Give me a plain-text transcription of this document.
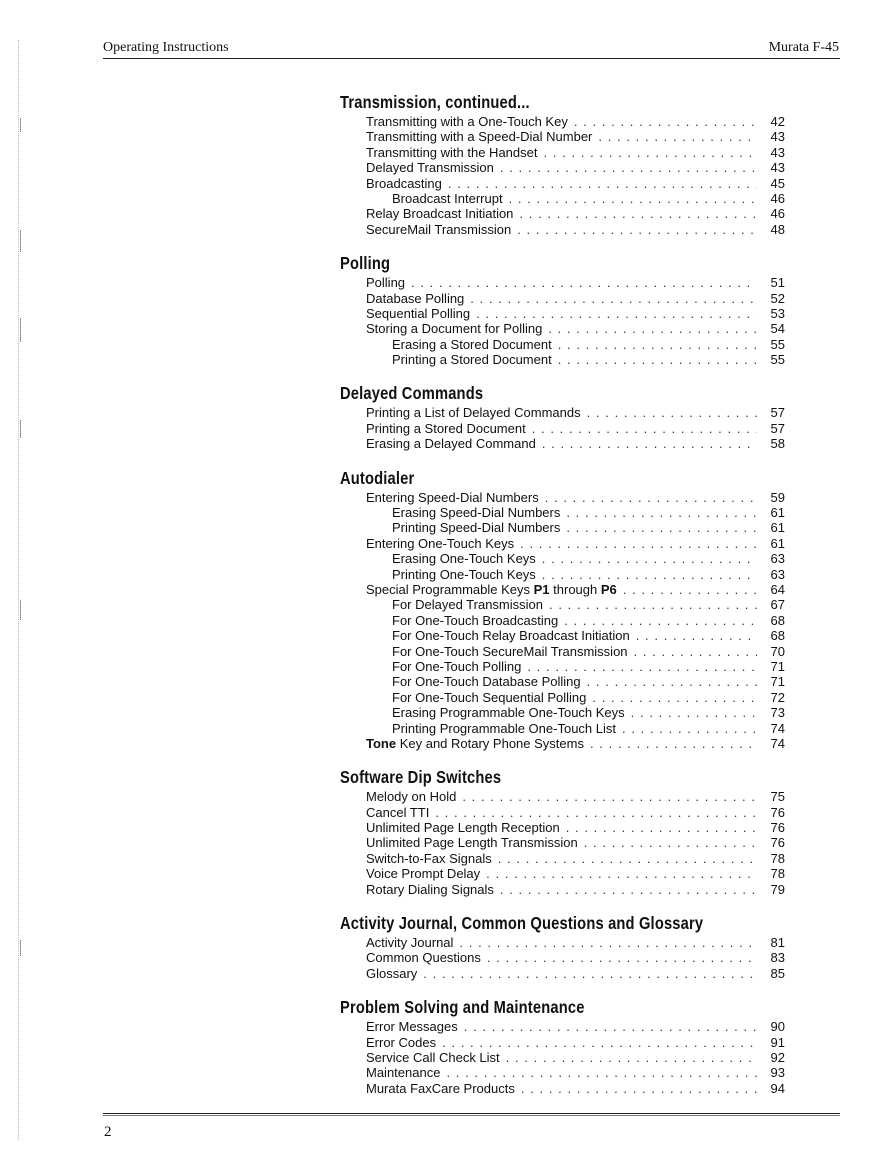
Operating Instructions	Murata F-45
Transmission, continued...
Transmitting with a One-Touch Key . . .	42
Transmitting with a Speed-Dial Number . . .	43
Transmitting with the Handset . . .	43
Delayed Transmission . . .	43
Broadcasting . . .	45
Broadcast Interrupt . . .	46
Relay Broadcast Initiation . . .	46
SecureMail Transmission . . .	48
Polling
Polling . . .	51
Database Polling . . .	52
Sequential Polling . . .	53
Storing a Document for Polling . . .	54
Erasing a Stored Document . . .	55
Printing a Stored Document . . .	55
Delayed Commands
Printing a List of Delayed Commands . . .	57
Printing a Stored Document . . .	57
Erasing a Delayed Command . . .	58
Autodialer
Entering Speed-Dial Numbers . . .	59
Erasing Speed-Dial Numbers . . .	61
Printing Speed-Dial Numbers . . .	61
Entering One-Touch Keys . . .	61
Erasing One-Touch Keys . . .	63
Printing One-Touch Keys . . .	63
Special Programmable Keys P1 through P6 . . .	64
For Delayed Transmission . . .	67
For One-Touch Broadcasting . . .	68
For One-Touch Relay Broadcast Initiation . . .	68
For One-Touch SecureMail Transmission . . .	70
For One-Touch Polling . . .	71
For One-Touch Database Polling . . .	71
For One-Touch Sequential Polling . . .	72
Erasing Programmable One-Touch Keys . . .	73
Printing Programmable One-Touch List . . .	74
Tone Key and Rotary Phone Systems . . .	74
Software Dip Switches
Melody on Hold . . .	75
Cancel TTI . . .	76
Unlimited Page Length Reception . . .	76
Unlimited Page Length Transmission . . .	76
Switch-to-Fax Signals . . .	78
Voice Prompt Delay . . .	78
Rotary Dialing Signals . . .	79
Activity Journal, Common Questions and Glossary
Activity Journal . . .	81
Common Questions . . .	83
Glossary . . .	85
Problem Solving and Maintenance
Error Messages . . .	90
Error Codes . . .	91
Service Call Check List . . .	92
Maintenance . . .	93
Murata FaxCare Products . . .	94
2
